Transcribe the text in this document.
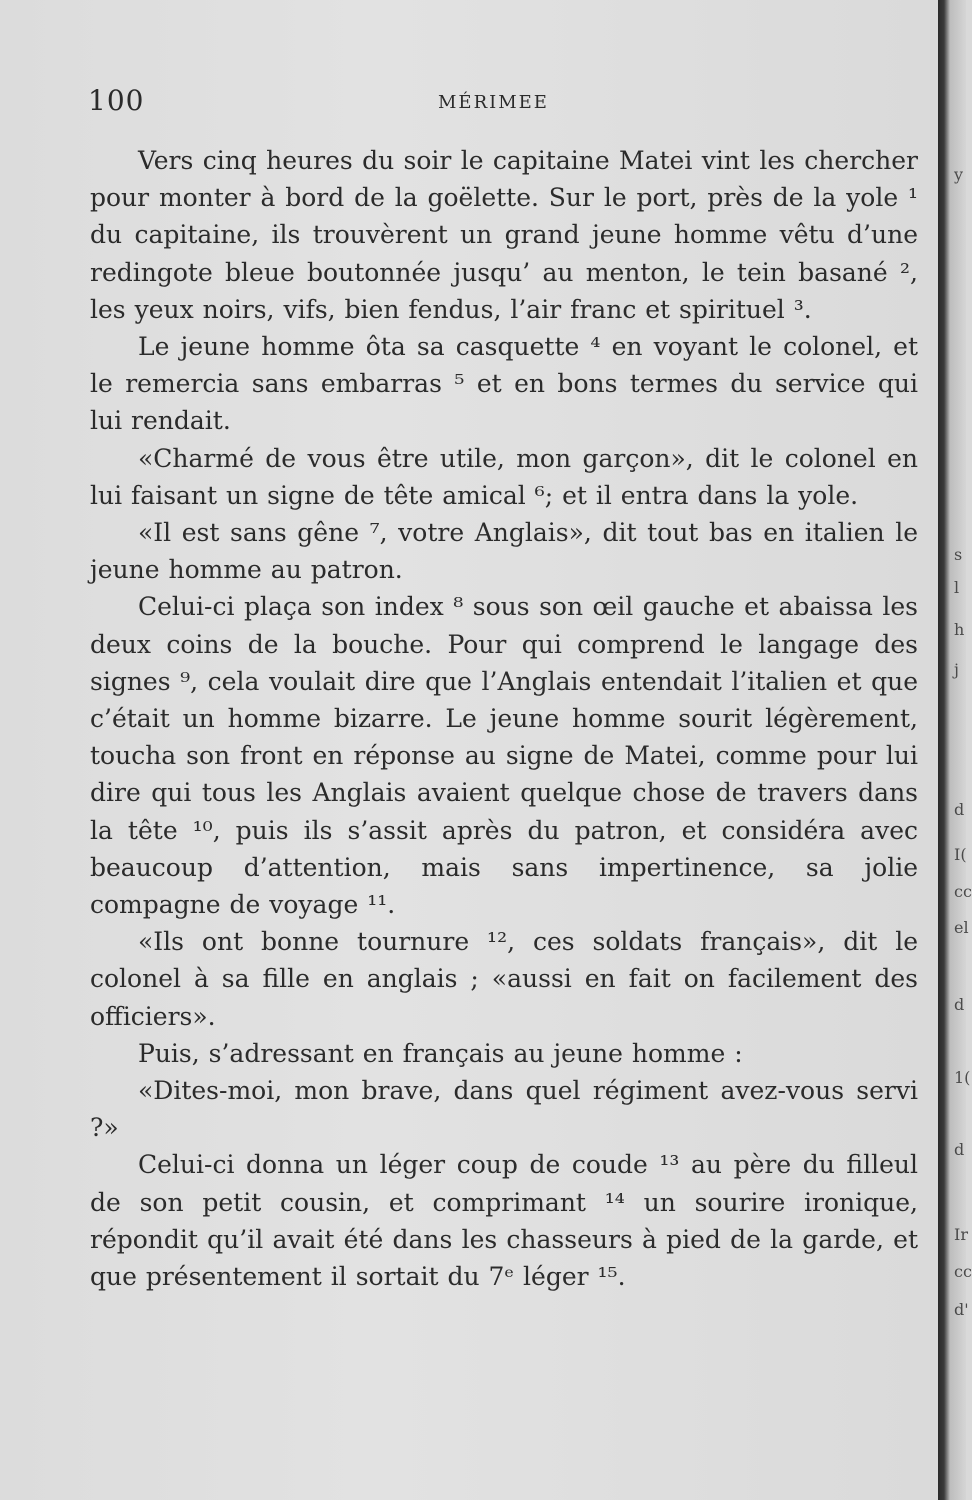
100	MÉRIMEE

Vers cinq heures du soir le capitaine Matei vint les chercher pour monter à bord de la goëlette. Sur le port, près de la yole ¹ du capitaine, ils trouvèrent un grand jeune homme vêtu d’une redingote bleue boutonnée jusqu’ au menton, le tein basané ², les yeux noirs, vifs, bien fendus, l’air franc et spirituel ³.

Le jeune homme ôta sa casquette ⁴ en voyant le colonel, et le remercia sans embarras ⁵ et en bons termes du service qui lui rendait.

«Charmé de vous être utile, mon garçon», dit le colonel en lui faisant un signe de tête amical ⁶; et il entra dans la yole.

«Il est sans gêne ⁷, votre Anglais», dit tout bas en italien le jeune homme au patron.

Celui-ci plaça son index ⁸ sous son œil gauche et abaissa les deux coins de la bouche. Pour qui comprend le langage des signes ⁹, cela voulait dire que l’Anglais entendait l’italien et que c’était un homme bizarre. Le jeune homme sourit légèrement, toucha son front en réponse au signe de Matei, comme pour lui dire qui tous les Anglais avaient quelque chose de travers dans la tête ¹⁰, puis ils s’assit après du patron, et considéra avec beaucoup d’attention, mais sans impertinence, sa jolie compagne de voyage ¹¹.

«Ils ont bonne tournure ¹², ces soldats français», dit le colonel à sa fille en anglais ; «aussi en fait on facilement des officiers».

Puis, s’adressant en français au jeune homme :

«Dites-moi, mon brave, dans quel régiment avez-vous servi ?»

Celui-ci donna un léger coup de coude ¹³ au père du filleul de son petit cousin, et comprimant ¹⁴ un sourire ironique, répondit qu’il avait été dans les chasseurs à pied de la garde, et que présentement il sortait du 7ᵉ léger ¹⁵.

y
s
l
h
j
d
I(
cc
el
d
1(
d
Ir
cc
d'
